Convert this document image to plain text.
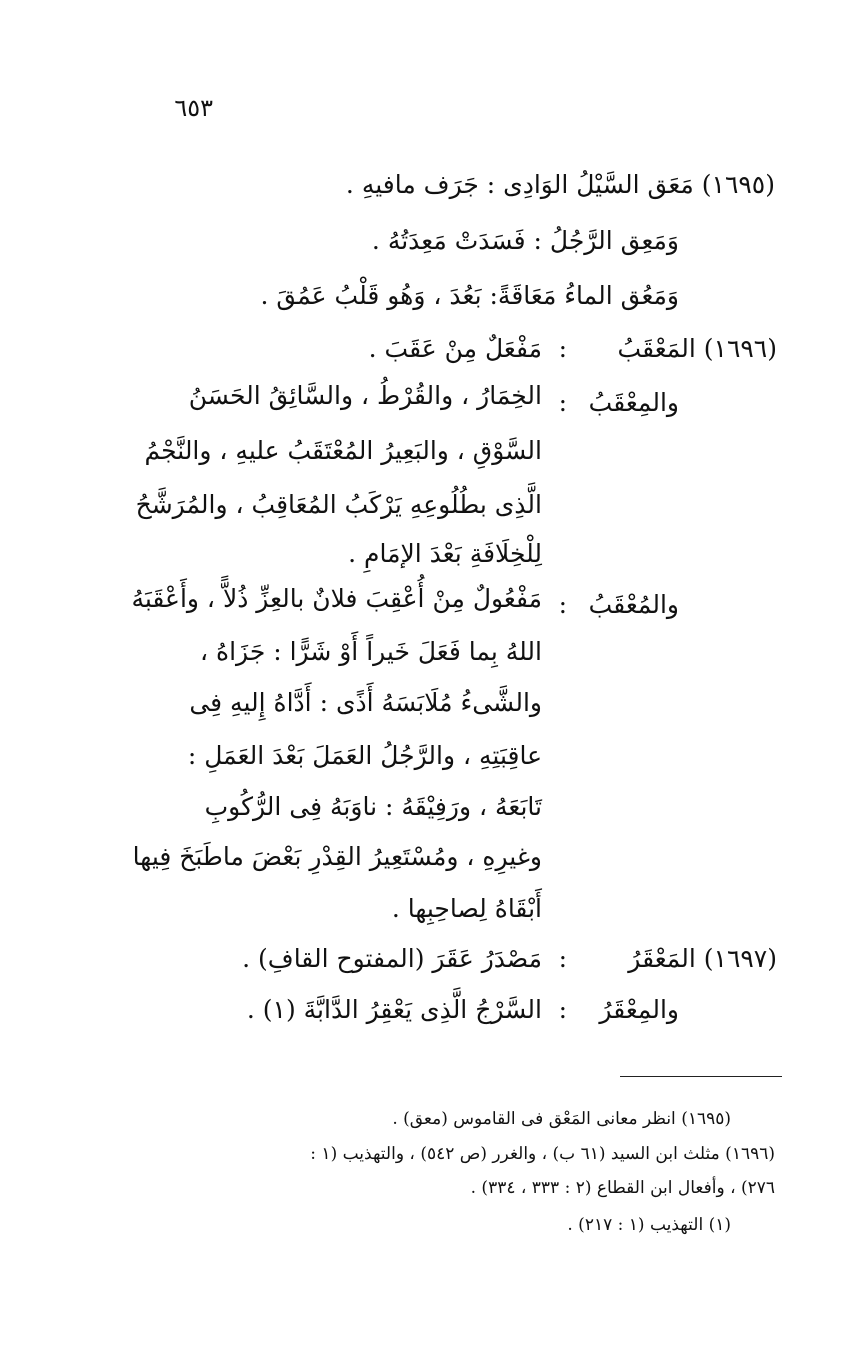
٦٥٣
(١٦٩٥) مَعَق السَّيْلُ الوَادِى : جَرَف مافيهِ .
وَمَعِق الرَّجُلُ : فَسَدَتْ مَعِدَتُهُ .
وَمَعُق الماءُ مَعَاقَةً: بَعُدَ ، وَهُو قَلْبُ عَمُقَ .
(١٦٩٦) المَعْقَبُ
:
مَفْعَلٌ مِنْ عَقَبَ .
والمِعْقَبُ
:
الخِمَارُ ، والقُرْطُ ، والسَّائِقُ الحَسَنُ
السَّوْقِ ، والبَعِيرُ المُعْتَقَبُ عليهِ ، والنَّجْمُ
الَّذِى بطُلُوعِهِ يَرْكَبُ المُعَاقِبُ ، والمُرَشَّحُ
لِلْخِلَافَةِ بَعْدَ الإمَامِ .
والمُعْقَبُ
:
مَفْعُولٌ مِنْ أُعْقِبَ فلانٌ بالعِزِّ ذُلاًّ ، وأَعْقَبَهُ
اللهُ بِما فَعَلَ خَيراً أَوْ شَرًّا : جَزَاهُ ،
والشَّىءُ مُلَابَسَهُ أَذًى : أَدَّاهُ إِليهِ فِى
عاقِبَتِهِ ، والرَّجُلُ العَمَلَ بَعْدَ العَمَلِ :
تَابَعَهُ ، ورَفِيْقَهُ : ناوَبَهُ فِى الرُّكُوبِ
وغيرِهِ ، ومُسْتَعِيرُ القِدْرِ بَعْضَ ماطَبَخَ فِيها
أَبْقَاهُ لِصاحِبِها .
(١٦٩٧) المَعْقَرُ
:
مَصْدَرُ عَقَرَ (المفتوح القافِ) .
والمِعْقَرُ
:
السَّرْجُ الَّذِى يَعْقِرُ الدَّابَّةَ (١) .
(١٦٩٥) انظر معانى المَعْق فى القاموس (معق) .
(١٦٩٦) مثلث ابن السيد (٦١ ب) ، والغرر (ص ٥٤٢) ، والتهذيب (١ :
٢٧٦) ، وأفعال ابن القطاع (٢ : ٣٣٣ ، ٣٣٤) .
(١) التهذيب (١ : ٢١٧) .
